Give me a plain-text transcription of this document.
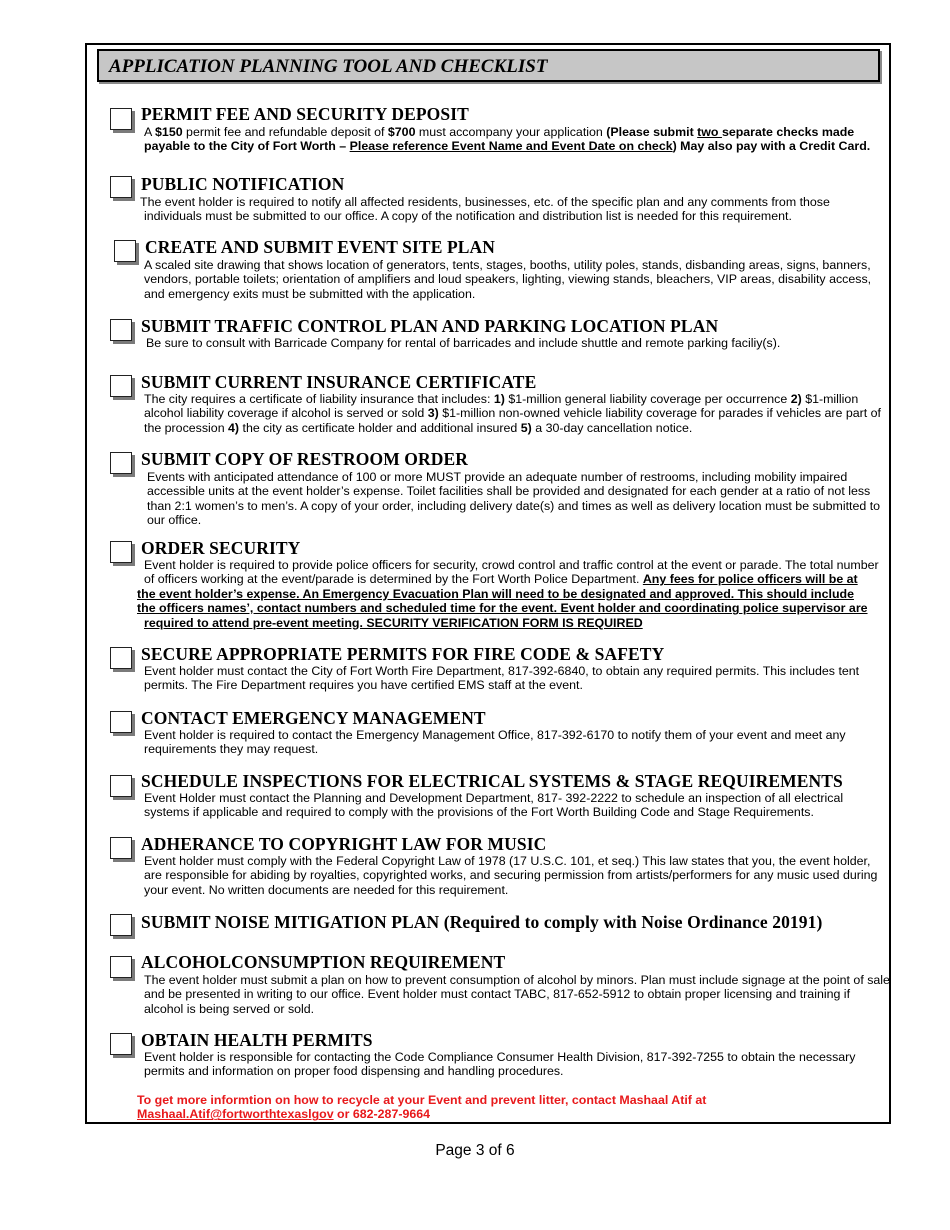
APPLICATION PLANNING TOOL AND CHECKLIST
PERMIT FEE AND SECURITY DEPOSIT
A $150 permit fee and refundable deposit of $700 must accompany your application (Please submit two separate checks made payable to the City of Fort Worth – Please reference Event Name and Event Date on check) May also pay with a Credit Card.
PUBLIC NOTIFICATION
The event holder is required to notify all affected residents, businesses, etc. of the specific plan and any comments from those
individuals must be submitted to our office. A copy of the notification and distribution list is needed for this requirement.
CREATE AND SUBMIT EVENT SITE PLAN
A scaled site drawing that shows location of generators, tents, stages, booths, utility poles, stands, disbanding areas, signs, banners, vendors, portable toilets; orientation of amplifiers and loud speakers, lighting, viewing stands, bleachers, VIP areas, disability access, and emergency exits must be submitted with the application.
SUBMIT TRAFFIC CONTROL PLAN AND PARKING LOCATION PLAN
Be sure to consult with Barricade Company for rental of barricades and include shuttle and remote parking faciliy(s).
SUBMIT CURRENT INSURANCE CERTIFICATE
The city requires a certificate of liability insurance that includes: 1) $1-million general liability coverage per occurrence 2) $1-million alcohol liability coverage if alcohol is served or sold 3) $1-million non-owned vehicle liability coverage for parades if vehicles are part of the procession 4) the city as certificate holder and additional insured 5) a 30-day cancellation notice.
SUBMIT COPY OF RESTROOM ORDER
Events with anticipated attendance of 100 or more MUST provide an adequate number of restrooms, including mobility impaired accessible units at the event holder’s expense. Toilet facilities shall be provided and designated for each gender at a ratio of not less than 2:1 women’s to men’s. A copy of your order, including delivery date(s) and times as well as delivery location must be submitted to our office.
ORDER SECURITY
Event holder is required to provide police officers for security, crowd control and traffic control at the event or parade. The total number
of officers working at the event/parade is determined by the Fort Worth Police Department. Any fees for police officers will be at
the event holder’s expense. An Emergency Evacuation Plan will need to be designated and approved. This should include
the officers names’, contact numbers and scheduled time for the event. Event holder and coordinating police supervisor are
required to attend pre-event meeting. SECURITY VERIFICATION FORM IS REQUIRED
SECURE APPROPRIATE PERMITS FOR FIRE CODE & SAFETY
Event holder must contact the City of Fort Worth Fire Department, 817-392-6840, to obtain any required permits. This includes tent permits. The Fire Department requires you have certified EMS staff at the event.
CONTACT EMERGENCY MANAGEMENT
Event holder is required to contact the Emergency Management Office, 817-392-6170 to notify them of your event and meet any requirements they may request.
SCHEDULE INSPECTIONS FOR ELECTRICAL SYSTEMS & STAGE REQUIREMENTS
Event Holder must contact the Planning and Development Department, 817- 392-2222 to schedule an inspection of all electrical systems if applicable and required to comply with the provisions of the Fort Worth Building Code and Stage Requirements.
ADHERANCE TO COPYRIGHT LAW FOR MUSIC
Event holder must comply with the Federal Copyright Law of 1978 (17 U.S.C. 101, et seq.) This law states that you, the event holder, are responsible for abiding by royalties, copyrighted works, and securing permission from artists/performers for any music used during your event. No written documents are needed for this requirement.
SUBMIT NOISE MITIGATION PLAN (Required to comply with Noise Ordinance 20191)
ALCOHOLCONSUMPTION REQUIREMENT
The event holder must submit a plan on how to prevent consumption of alcohol by minors. Plan must include signage at the point of sale and be presented in writing to our office. Event holder must contact TABC, 817-652-5912 to obtain proper licensing and training if alcohol is being served or sold.
OBTAIN HEALTH PERMITS
Event holder is responsible for contacting the Code Compliance Consumer Health Division, 817-392-7255 to obtain the necessary permits and information on proper food dispensing and handling procedures.
To get more informtion on how to recycle at your Event and prevent litter, contact Mashaal Atif at
Mashaal.Atif@fortworthtexaslgov or 682-287-9664
Page 3 of 6
